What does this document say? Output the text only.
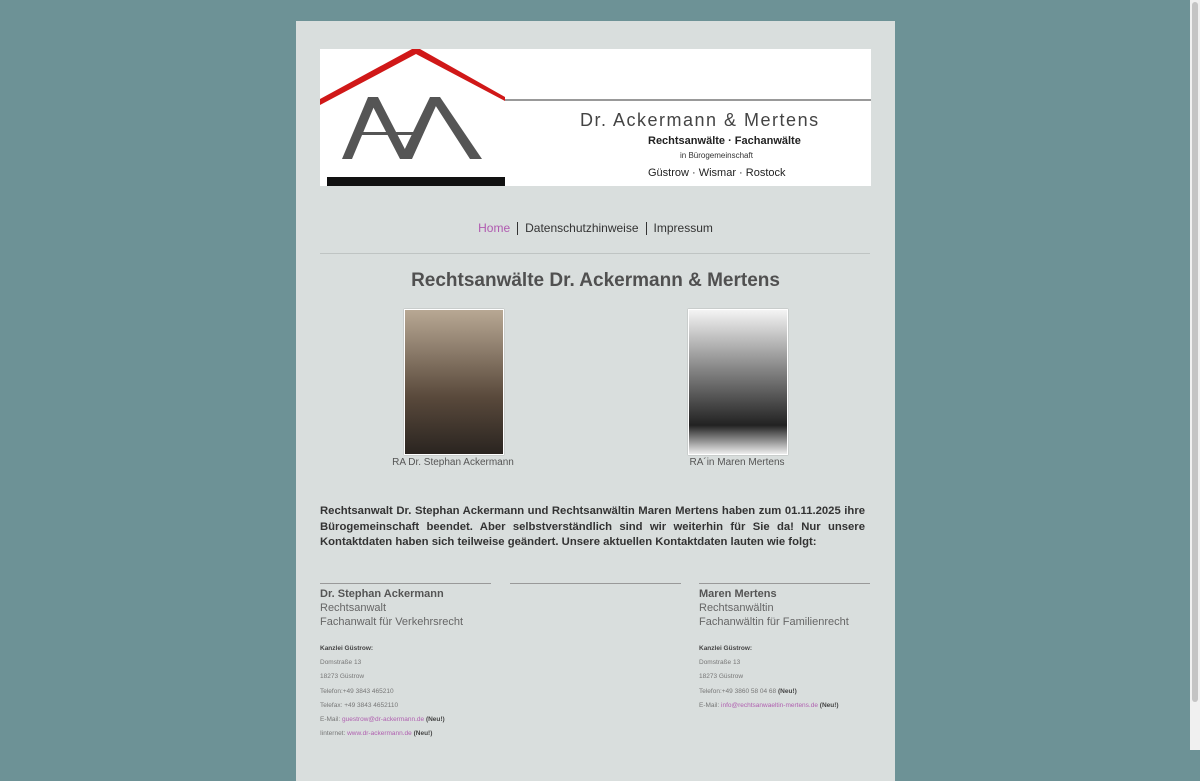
Dr. Ackermann & Mertens
Rechtsanwälte · Fachanwälte
in Bürogemeinschaft
Güstrow · Wismar · Rostock
Home Datenschutzhinweise Impressum
Rechtsanwälte Dr. Ackermann & Mertens
RA Dr. Stephan Ackermann	RA´in Maren Mertens
Rechtsanwalt Dr. Stephan Ackermann und Rechtsanwältin Maren Mertens haben zum 01.11.2025 ihre Bürogemeinschaft beendet. Aber selbstverständlich sind wir weiterhin für Sie da! Nur unsere Kontaktdaten haben sich teilweise geändert. Unsere aktuellen Kontaktdaten lauten wie folgt:
Dr. Stephan Ackermann
Rechtsanwalt
Fachanwalt für Verkehrsrecht
Kanzlei Güstrow:
Domstraße 13
18273 Güstrow
Telefon:+49 3843 465210
Telefax: +49 3843 4652110
E-Mail: guestrow@dr-ackermann.de (Neu!)
Iinternet: www.dr-ackermann.de (Neu!)
Maren Mertens
Rechtsanwältin
Fachanwältin für Familienrecht
Kanzlei Güstrow:
Domstraße 13
18273 Güstrow
Telefon:+49 3860 58 04 68 (Neu!)
E-Mail: info@rechtsanwaeltin-mertens.de (Neu!)
